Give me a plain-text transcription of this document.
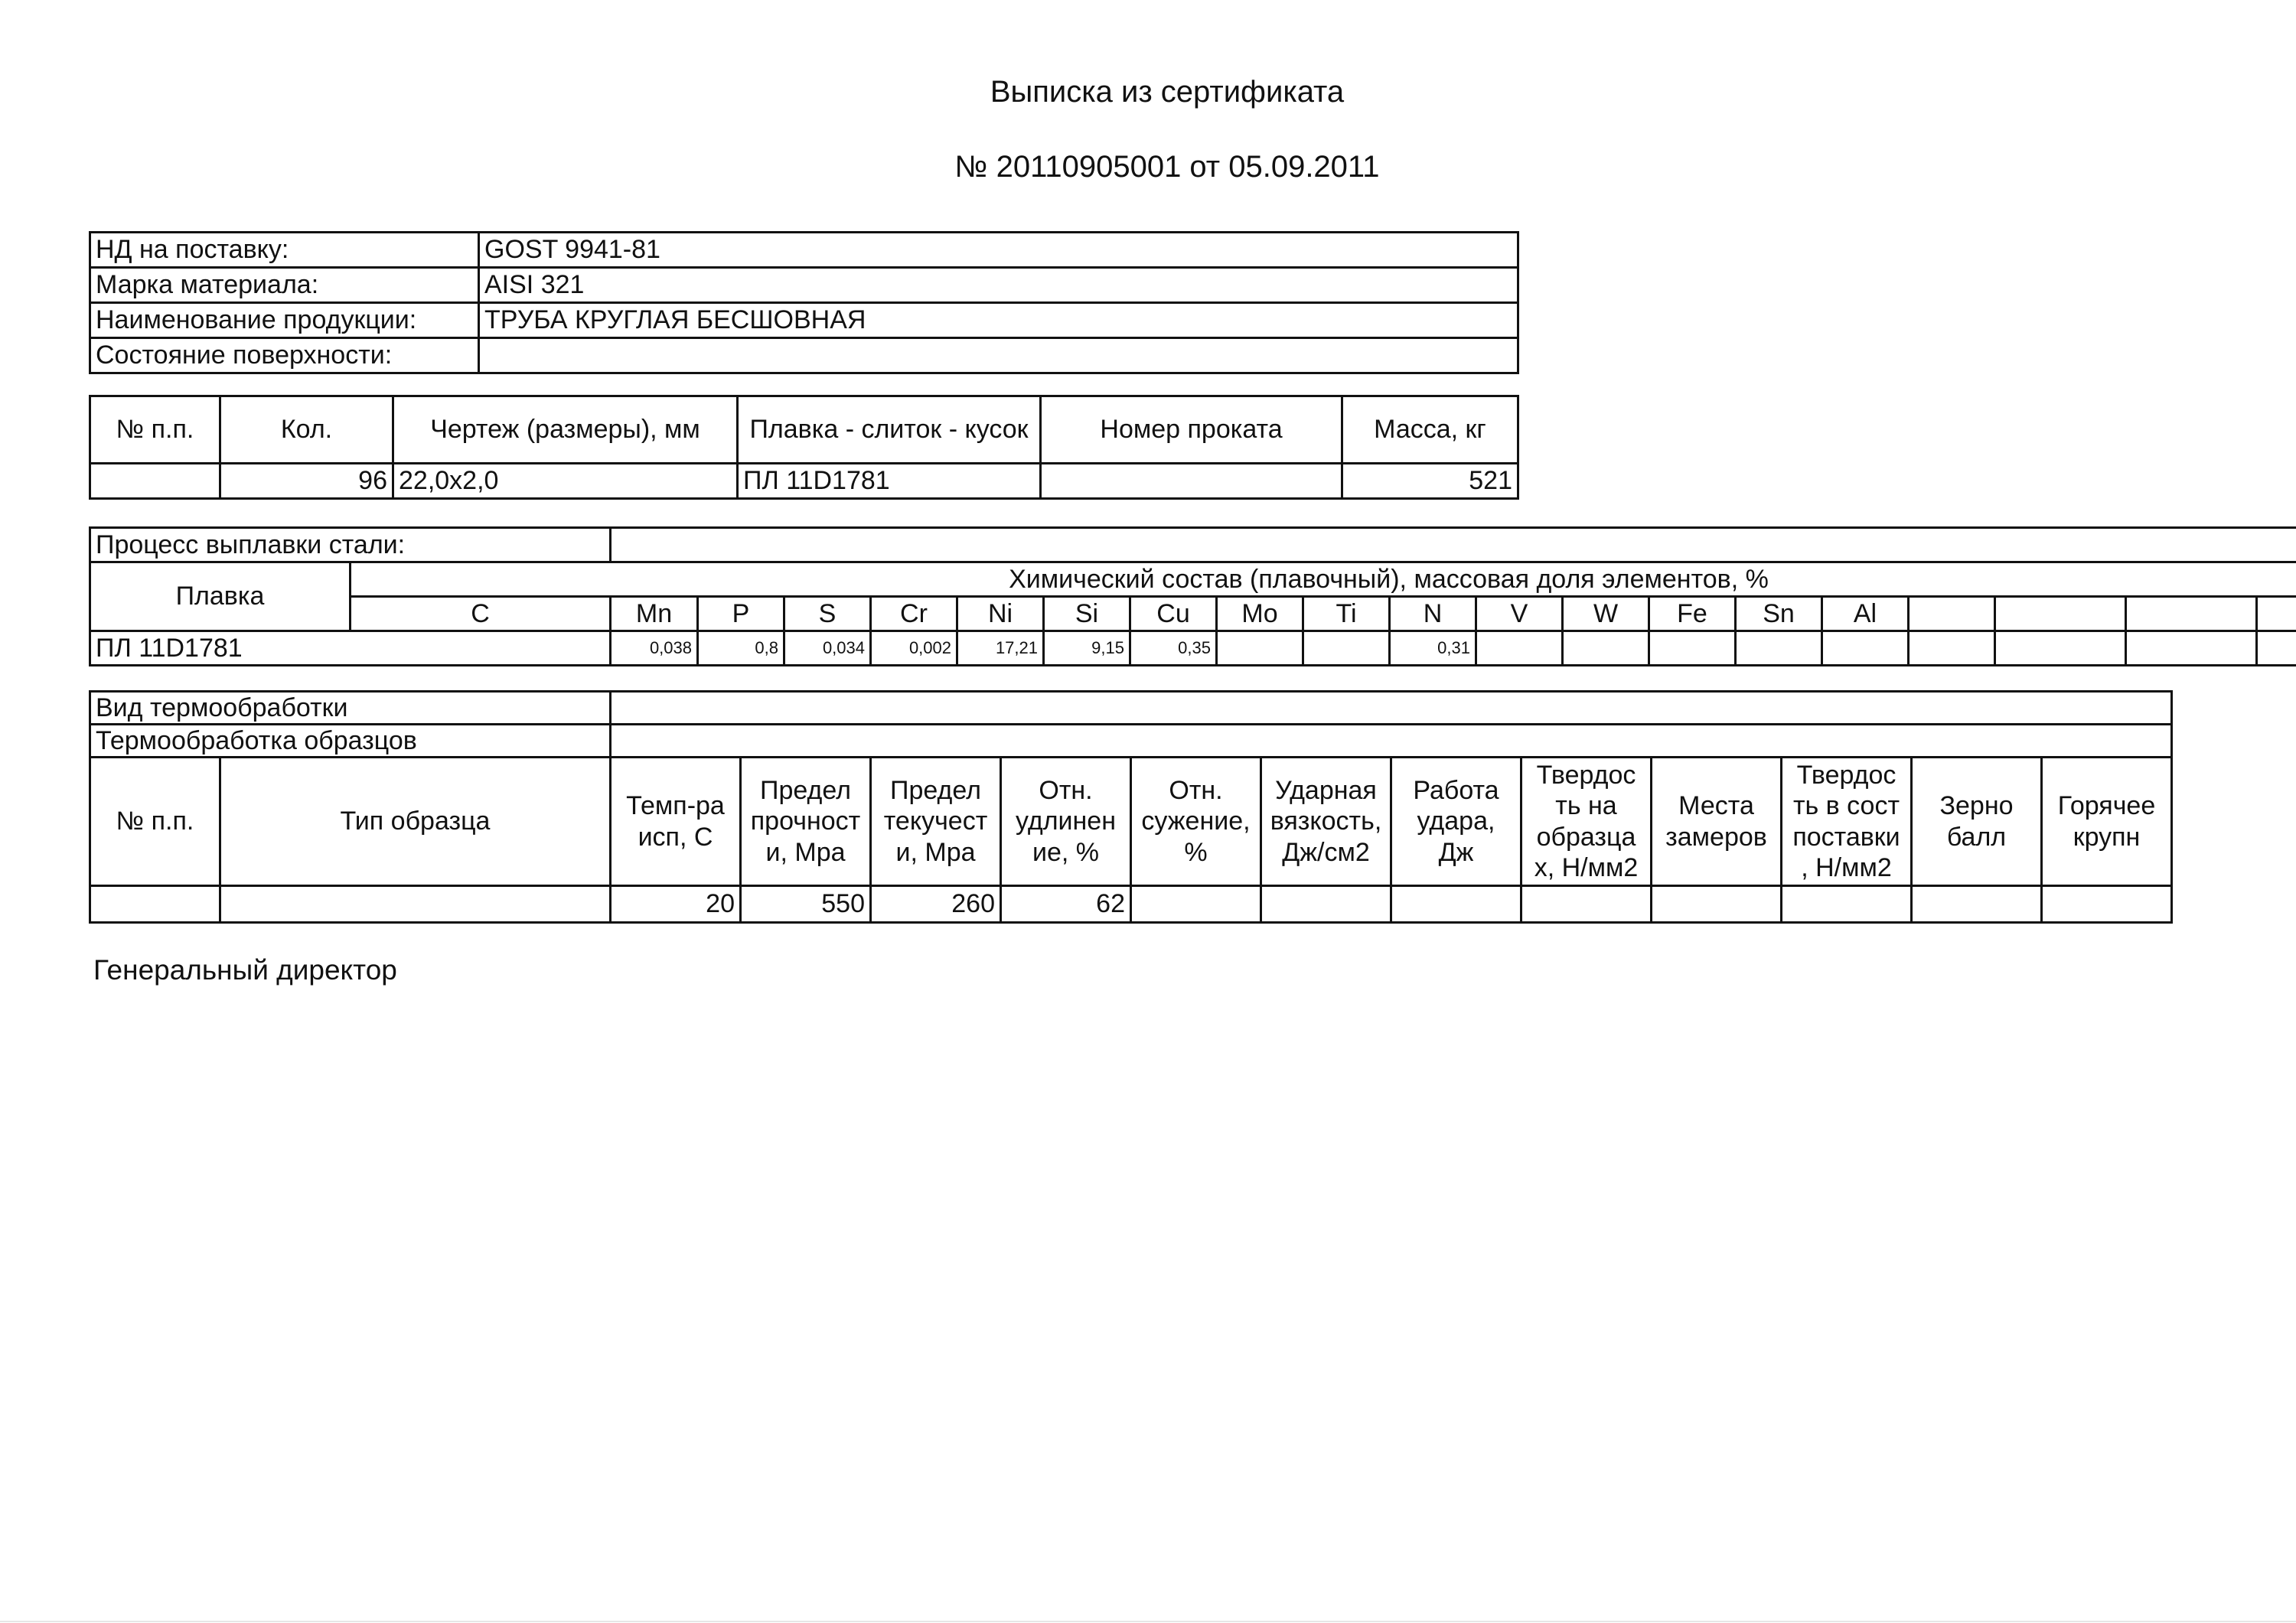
Выписка из сертификата
№ 20110905001 от 05.09.2011
НД на поставку:	GOST 9941-81
Марка материала:	AISI 321
Наименование продукции:	ТРУБА КРУГЛАЯ БЕСШОВНАЯ
Состояние поверхности:	
№ п.п.	Кол.	Чертеж (размеры), мм	Плавка - слиток - кусок	Номер проката	Масса, кг
	96	22,0x2,0	ПЛ 11D1781		521
Процесс выплавки стали:																					
Плавка	Химический состав (плавочный), массовая доля элементов, %																				
	C	Mn	P	S	Cr	Ni	Si	Cu	Mo	Ti	N	V	W	Fe	Sn	Al					
ПЛ 11D1781		0,038	0,8	0,034	0,002	17,21	9,15	0,35			0,31										
Вид термообработки													
Термообработка образцов													
№ п.п.	Тип образца	Темп-ра исп, С	Предел прочност и, Мра	Предел текучест и, Мра	Отн. удлинен ие, %	Отн. сужение, %	Ударная вязкость, Дж/см2	Работа удара, Дж	Твердос ть на образца х, Н/мм2	Места замеров	Твердос ть в сост поставки , Н/мм2	Зерно балл	Горячее крупн
		20	550	260	62								
Генеральный директор
